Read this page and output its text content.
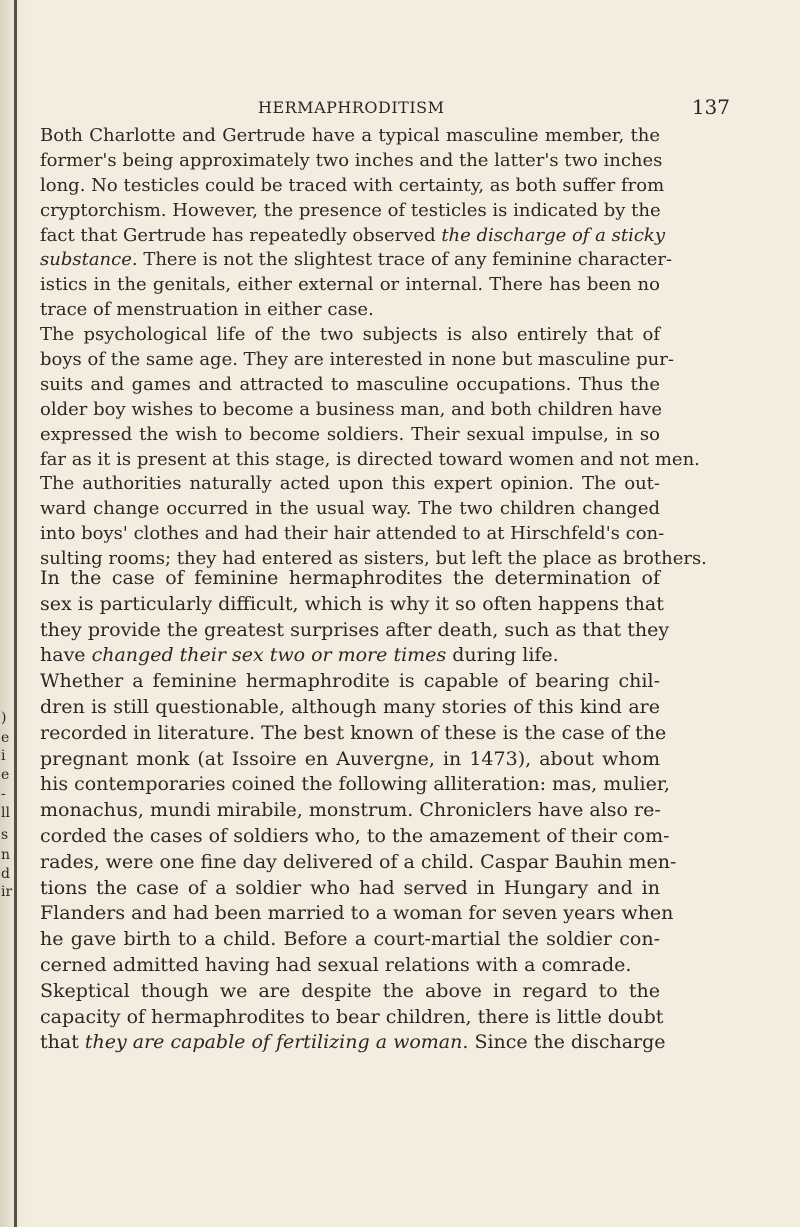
)
e
i
e
-
ll
s
n
d
ir
HERMAPHRODITISM	137
Both Charlotte and Gertrude have a typical masculine member, the
former's being approximately two inches and the latter's two inches
long. No testicles could be traced with certainty, as both suffer from
cryptorchism. However, the presence of testicles is indicated by the
fact that Gertrude has repeatedly observed the discharge of a sticky
substance. There is not the slightest trace of any feminine character-
istics in the genitals, either external or internal. There has been no
trace of menstruation in either case.
The psychological life of the two subjects is also entirely that of
boys of the same age. They are interested in none but masculine pur-
suits and games and attracted to masculine occupations. Thus the
older boy wishes to become a business man, and both children have
expressed the wish to become soldiers. Their sexual impulse, in so
far as it is present at this stage, is directed toward women and not men.
The authorities naturally acted upon this expert opinion. The out-
ward change occurred in the usual way. The two children changed
into boys' clothes and had their hair attended to at Hirschfeld's con-
sulting rooms; they had entered as sisters, but left the place as brothers.
In the case of feminine hermaphrodites the determination of
sex is particularly difficult, which is why it so often happens that
they provide the greatest surprises after death, such as that they
have changed their sex two or more times during life.
Whether a feminine hermaphrodite is capable of bearing chil-
dren is still questionable, although many stories of this kind are
recorded in literature. The best known of these is the case of the
pregnant monk (at Issoire en Auvergne, in 1473), about whom
his contemporaries coined the following alliteration: mas, mulier,
monachus, mundi mirabile, monstrum. Chroniclers have also re-
corded the cases of soldiers who, to the amazement of their com-
rades, were one fine day delivered of a child. Caspar Bauhin men-
tions the case of a soldier who had served in Hungary and in
Flanders and had been married to a woman for seven years when
he gave birth to a child. Before a court-martial the soldier con-
cerned admitted having had sexual relations with a comrade.
Skeptical though we are despite the above in regard to the
capacity of hermaphrodites to bear children, there is little doubt
that they are capable of fertilizing a woman. Since the discharge
